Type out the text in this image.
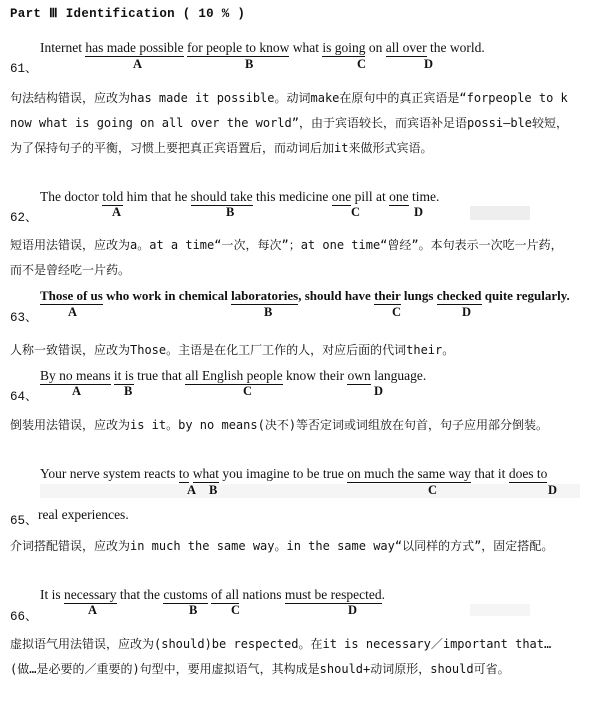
Part Ⅲ Identification ( 10 % )
Internet has made possible for people to know what is going on all over the world.
61、	A	B	C	D
句法结构错误，应改为has made it possible。动词make在原句中的真正宾语是“forpeople to know what is going on all over the world”，由于宾语较长，而宾语补足语possi—ble较短，为了保持句子的平衡，习惯上要把真正宾语置后，而动词后加it来做形式宾语。
The doctor told him that he should take this medicine one pill at one time.
62、	A	B	C	D
短语用法错误，应改为a。at a time“一次，每次”；at one time“曾经”。本句表示一次吃一片药，而不是曾经吃一片药。
Those of us who work in chemical laboratories, should have their lungs checked quite regularly.
63、 A	B	C	D
人称一致错误，应改为Those。主语是在化工厂工作的人，对应后面的代词their。
By no means it is true that all English people know their own language.
64、	A	B	C	D
倒装用法错误，应改为is it。by no means(决不)等否定词或词组放在句首，句子应用部分倒装。
Your nerve system reacts to what you imagine to be true on much the same way that it does to
A B	C	D
65、 real experiences.
介词搭配错误，应改为in much the same way。in the same way“以同样的方式”，固定搭配。
It is necessary that the customs of all nations must be respected.
66、	A	B	C	D
虚拟语气用法错误，应改为(should)be respected。在it is necessary／important that…(做…是必要的／重要的)句型中，要用虚拟语气，其构成是should+动词原形，should可省。
